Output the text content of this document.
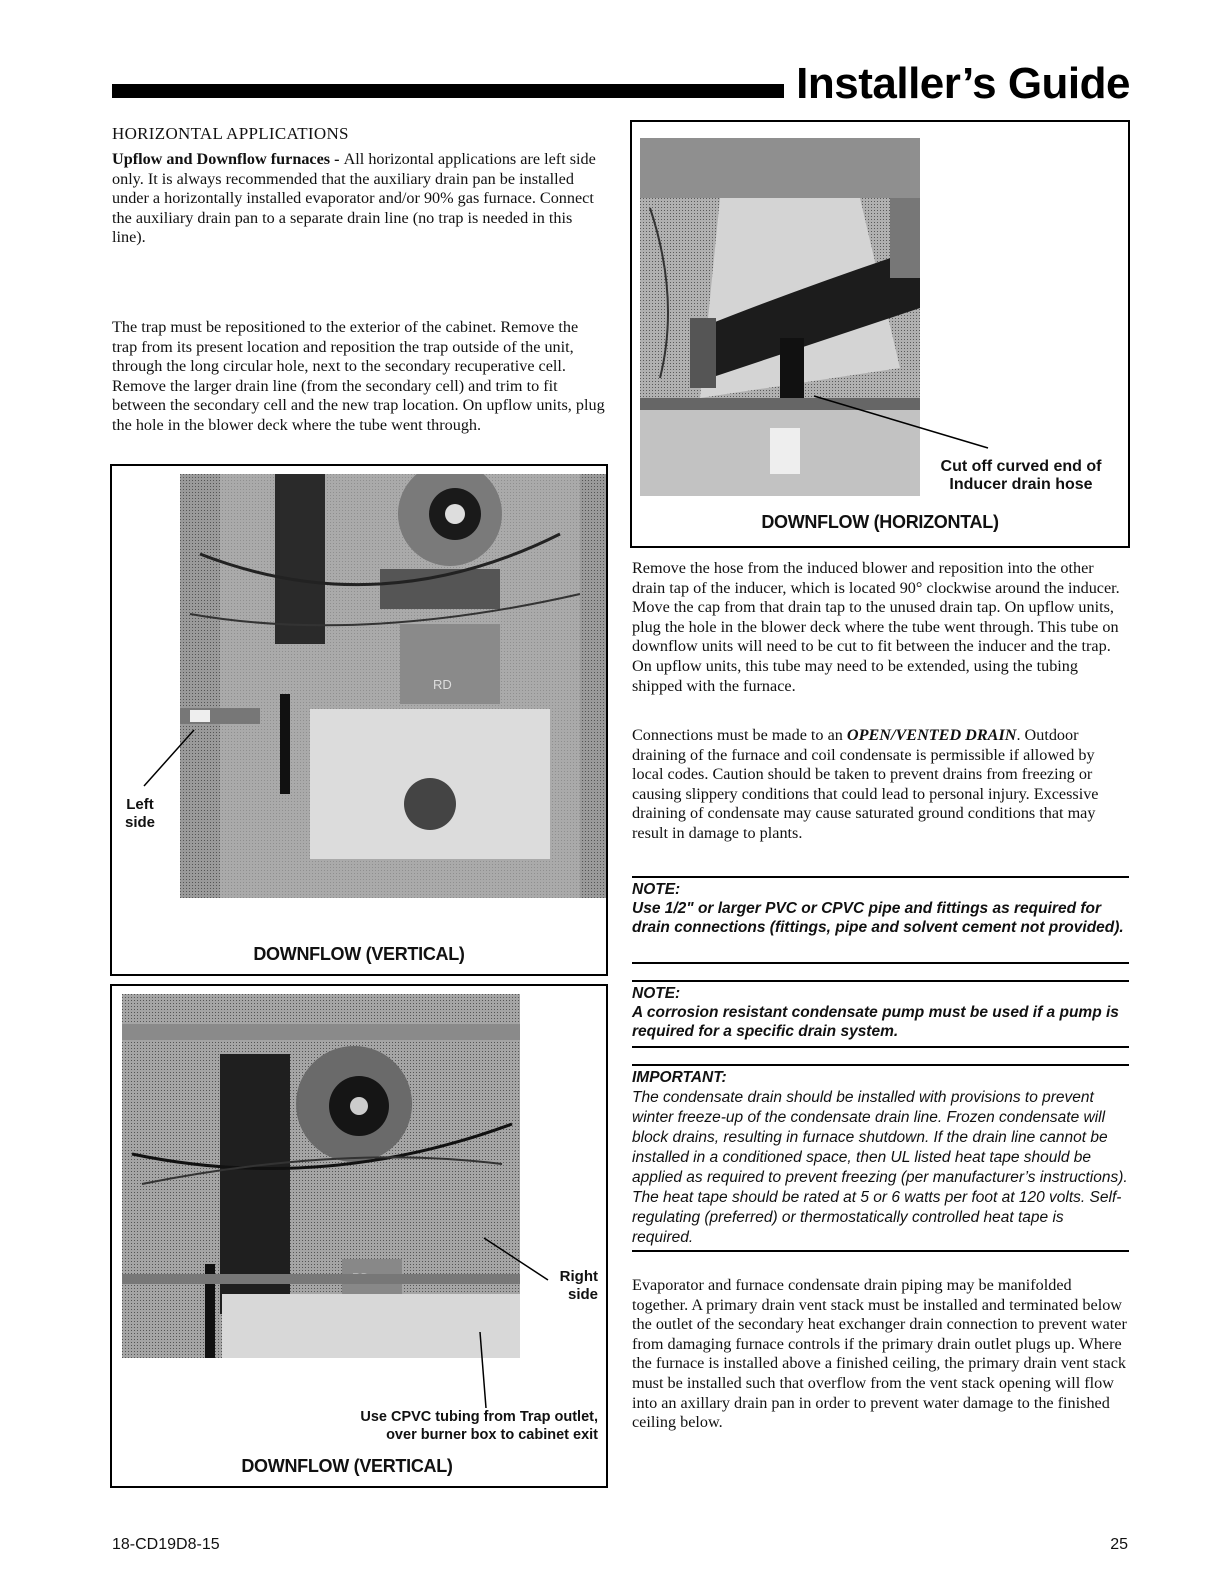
Installer’s Guide
HORIZONTAL APPLICATIONS
Upflow and Downflow furnaces - All horizontal applications are left side only. It is always recommended that the auxiliary drain pan be installed under a horizontally installed evaporator and/or 90% gas furnace. Connect the auxiliary drain pan to a separate drain line (no trap is needed in this line).
The trap must be repositioned to the exterior of the cabinet. Remove the trap from its present location and reposition the trap outside of the unit, through the long circular hole, next to the secondary recuperative cell. Remove the larger drain line (from the secondary cell) and trim to fit between the secondary cell and the new trap location. On upflow units, plug the hole in the blower deck where the tube went through.
RD
Left
side
DOWNFLOW (VERTICAL)
Right
side
Use CPVC tubing from Trap outlet,
over burner box to cabinet exit
DOWNFLOW (VERTICAL)
Cut off curved end of
Inducer drain hose
DOWNFLOW (HORIZONTAL)
Remove the hose from the induced blower and reposition into the other drain tap of the inducer, which is located 90° clockwise around the inducer. Move the cap from that drain tap to the unused drain tap. On upflow units, plug the hole in the blower deck where the tube went through. This tube on downflow units will need to be cut to fit between the inducer and the trap. On upflow units, this tube may need to be extended, using the tubing shipped with the furnace.
Connections must be made to an OPEN/VENTED DRAIN. Outdoor draining of the furnace and coil condensate is permissible if allowed by local codes. Caution should be taken to prevent drains from freezing or causing slippery conditions that could lead to personal injury. Excessive draining of condensate may cause saturated ground conditions that may result in damage to plants.
NOTE:
Use 1/2" or larger PVC or CPVC pipe and fittings as required for drain connections (fittings, pipe and solvent cement not provided).
NOTE:
A corrosion resistant condensate pump must be used if a pump is required for a specific drain system.
IMPORTANT:
The condensate drain should be installed with provisions to prevent winter freeze-up of the condensate drain line. Frozen condensate will block drains, resulting in furnace shutdown. If the drain line cannot be installed in a conditioned space, then UL listed heat tape should be applied as required to prevent freezing (per manufacturer’s instructions). The heat tape should be rated at 5 or 6 watts per foot at 120 volts. Self-regulating (preferred) or thermostatically controlled heat tape is required.
Evaporator and furnace condensate drain piping may be manifolded together. A primary drain vent stack must be installed and terminated below the outlet of the secondary heat exchanger drain connection to prevent water from damaging furnace controls if the primary drain outlet plugs up. Where the furnace is installed above a finished ceiling, the primary drain vent stack must be installed such that overflow from the vent stack opening will flow into an axillary drain pan in order to prevent water damage to the finished ceiling below.
18-CD19D8-15	25
